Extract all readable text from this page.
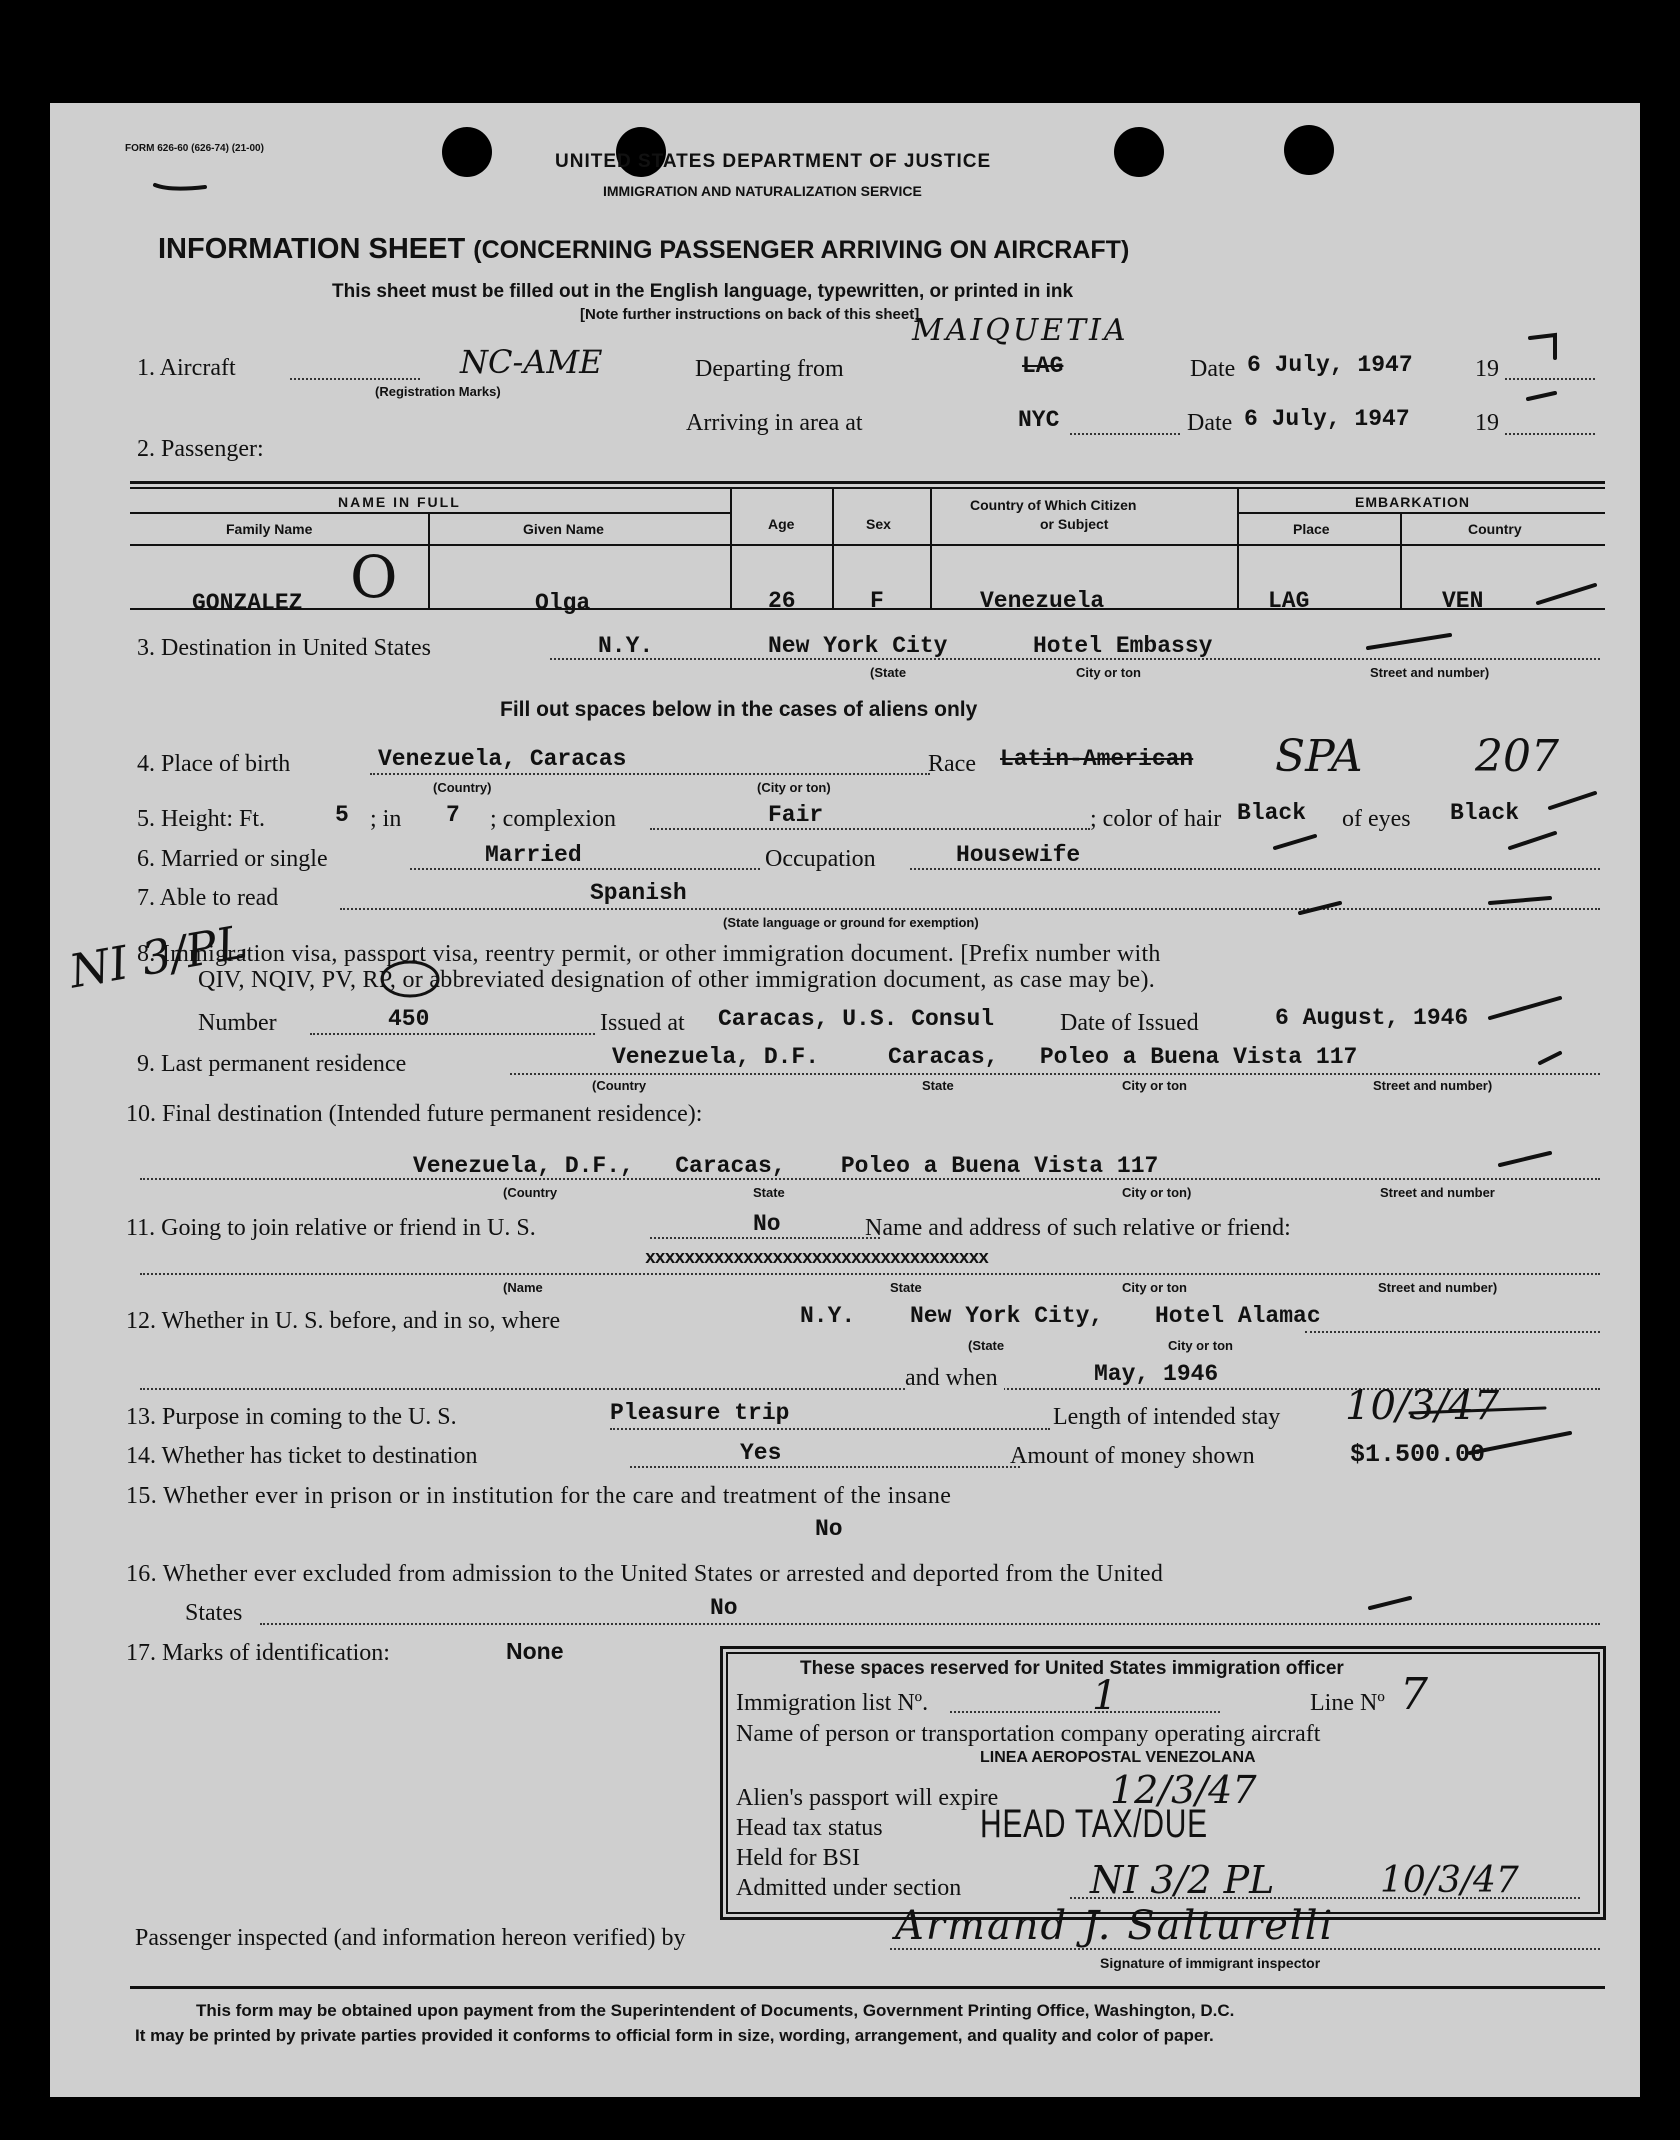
FORM 626-60 (626-74) (21-00)
UNITED STATES DEPARTMENT OF JUSTICE
IMMIGRATION AND NATURALIZATION SERVICE
INFORMATION SHEET (CONCERNING PASSENGER ARRIVING ON AIRCRAFT)
This sheet must be filled out in the English language, typewritten, or printed in ink
[Note further instructions on back of this sheet]
1. Aircraft	NC-AME
(Registration Marks)
Departing from
MAIQUETIA
LAG	Date 6 July, 1947	19
Arriving in area at	NYC	Date 6 July, 1947	19
2. Passenger:
NAME IN FULL
Family Name	Given Name	Age	Sex
Country of Which Citizen
or Subject
EMBARKATION
Place	Country
GONZALEZ O	Olga	26	F	Venezuela	LAG	VEN
3. Destination in United States	N.Y.	New York City	Hotel Embassy
(State	City or ton	Street and number)
Fill out spaces below in the cases of aliens only
4. Place of birth	Venezuela, Caracas
(Country)	(City or ton)
Race Latin-American SPA	207
5. Height: Ft.	5 ; in 7 ; complexion	Fair	; color of hair Black of eyes Black
6. Married or single	Married	Occupation	Housewife
7. Able to read	Spanish
(State language or ground for exemption)
8. Immigration visa, passport visa, reentry permit, or other immigration document. [Prefix number with
QIV, NQIV, PV, RP, or abbreviated designation of other immigration document, as case may be).
NI 3/PL
Number	450	Issued at Caracas, U.S. Consul	Date of Issued	6 August, 1946
9. Last permanent residence	Venezuela, D.F.     Caracas,   Poleo a Buena Vista 117
(Country	State	City or ton	Street and number)
10. Final destination (Intended future permanent residence):
Venezuela, D.F.,   Caracas,    Poleo a Buena Vista 117
(Country	State	City or ton)	Street and number
11. Going to join relative or friend in U. S.	No	Name and address of such relative or friend:
xxxxxxxxxxxxxxxxxxxxxxxxxxxxxxxxxxx
(Name	State	City or ton	Street and number)
12. Whether in U. S. before, and in so, where	N.Y. New York City, Hotel Alamac
(State	City or ton
and when	May, 1946
13. Purpose in coming to the U. S.	Pleasure trip	Length of intended stay 10/3/47
14. Whether has ticket to destination	Yes	Amount of money shown	$1.500.00
15. Whether ever in prison or in institution for the care and treatment of the insane
No
16. Whether ever excluded from admission to the United States or arrested and deported from the United
States	No
17. Marks of identification:	None
These spaces reserved for United States immigration officer
Immigration list Nº.	1	Line Nº 7
Name of person or transportation company operating aircraft
LINEA AEROPOSTAL VENEZOLANA
Alien's passport will expire	12/3/47
Head tax status HEAD TAX/DUE
Held for BSI
Admitted under section	NI 3/2 PL	10/3/47
Passenger inspected (and information hereon verified) by	Armand J. Salturelli
Signature of immigrant inspector
This form may be obtained upon payment from the Superintendent of Documents, Government Printing Office, Washington, D.C.
It may be printed by private parties provided it conforms to official form in size, wording, arrangement, and quality and color of paper.
